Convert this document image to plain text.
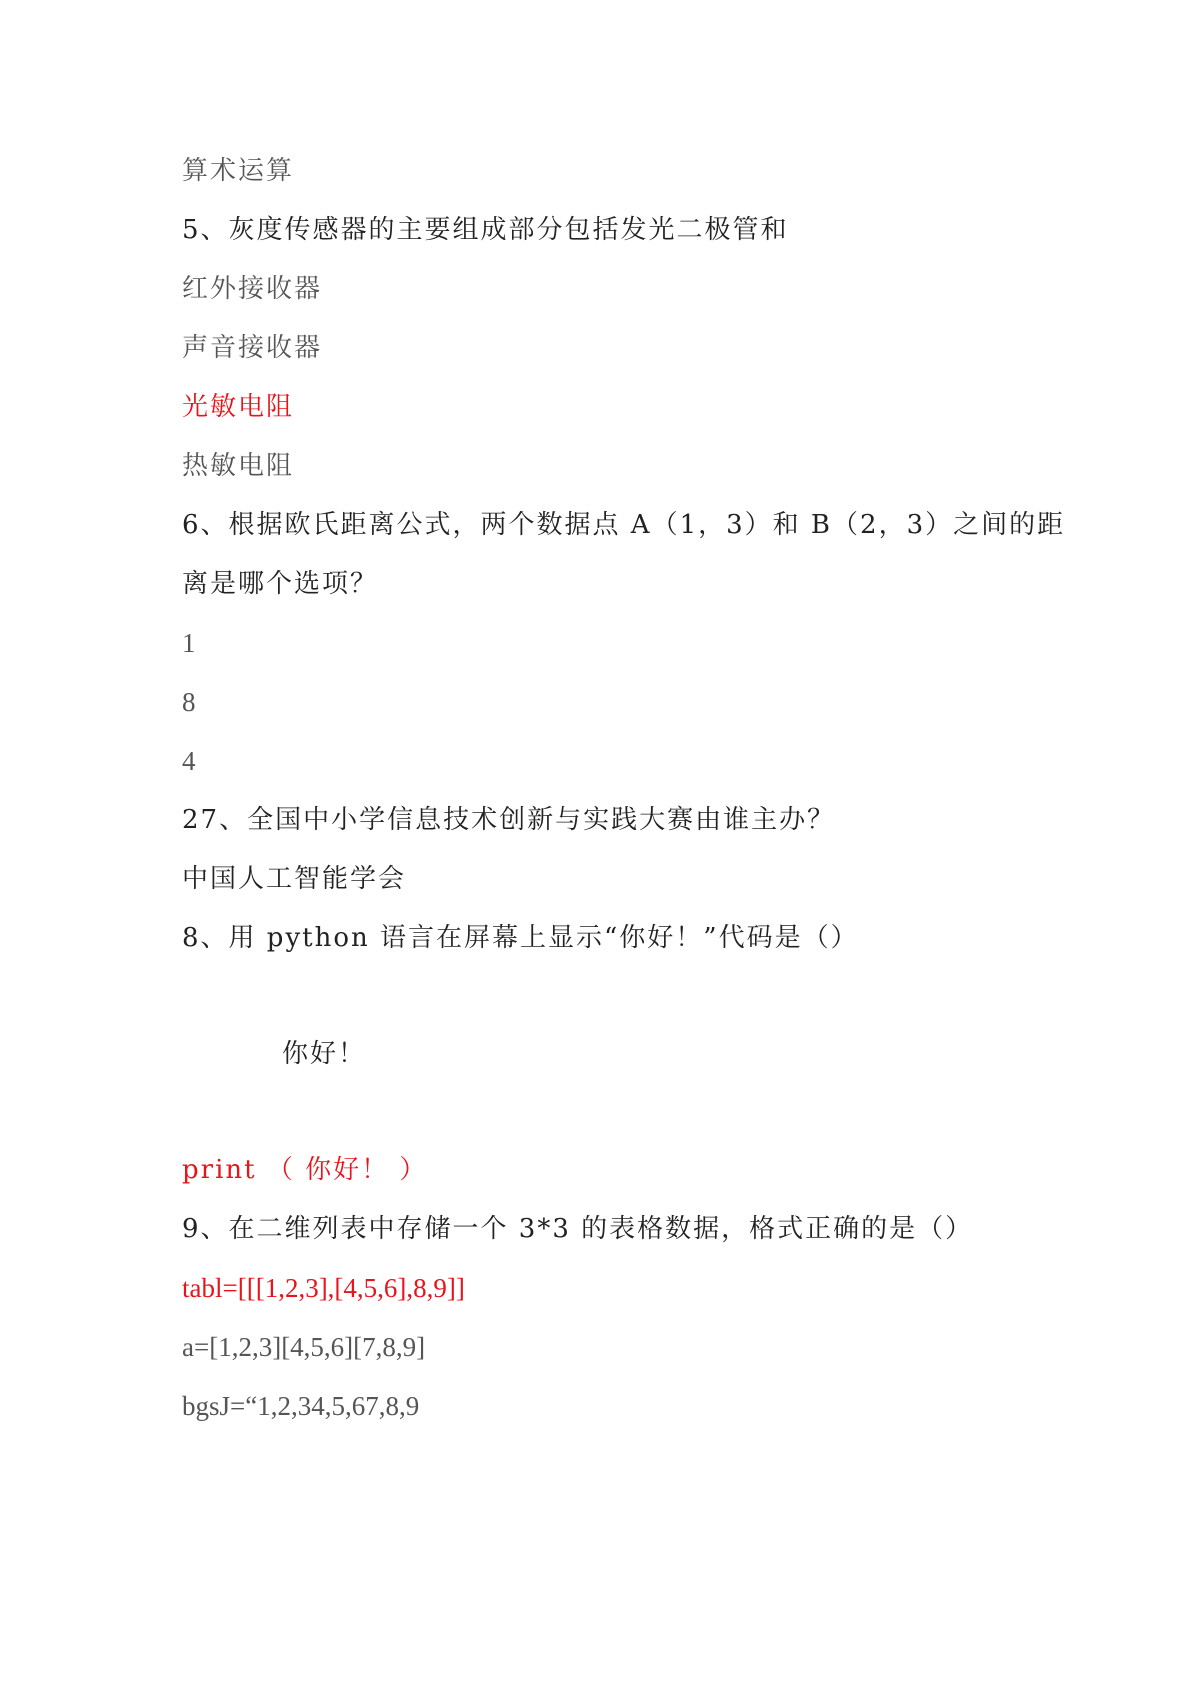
算术运算
5、灰度传感器的主要组成部分包括发光二极管和
红外接收器
声音接收器
光敏电阻
热敏电阻
6、根据欧氏距离公式，两个数据点 A（1，3）和 B（2，3）之间的距
离是哪个选项？
1
8
4
27、全国中小学信息技术创新与实践大赛由谁主办？
中国人工智能学会
8、用 python 语言在屏幕上显示“你好！”代码是（）
你好！
print （ 你好！ ）
9、在二维列表中存储一个 3*3 的表格数据，格式正确的是（）
tabl=[[[1,2,3],[4,5,6],8,9]]
a=[1,2,3][4,5,6][7,8,9]
bgsJ=“1,2,34,5,67,8,9
